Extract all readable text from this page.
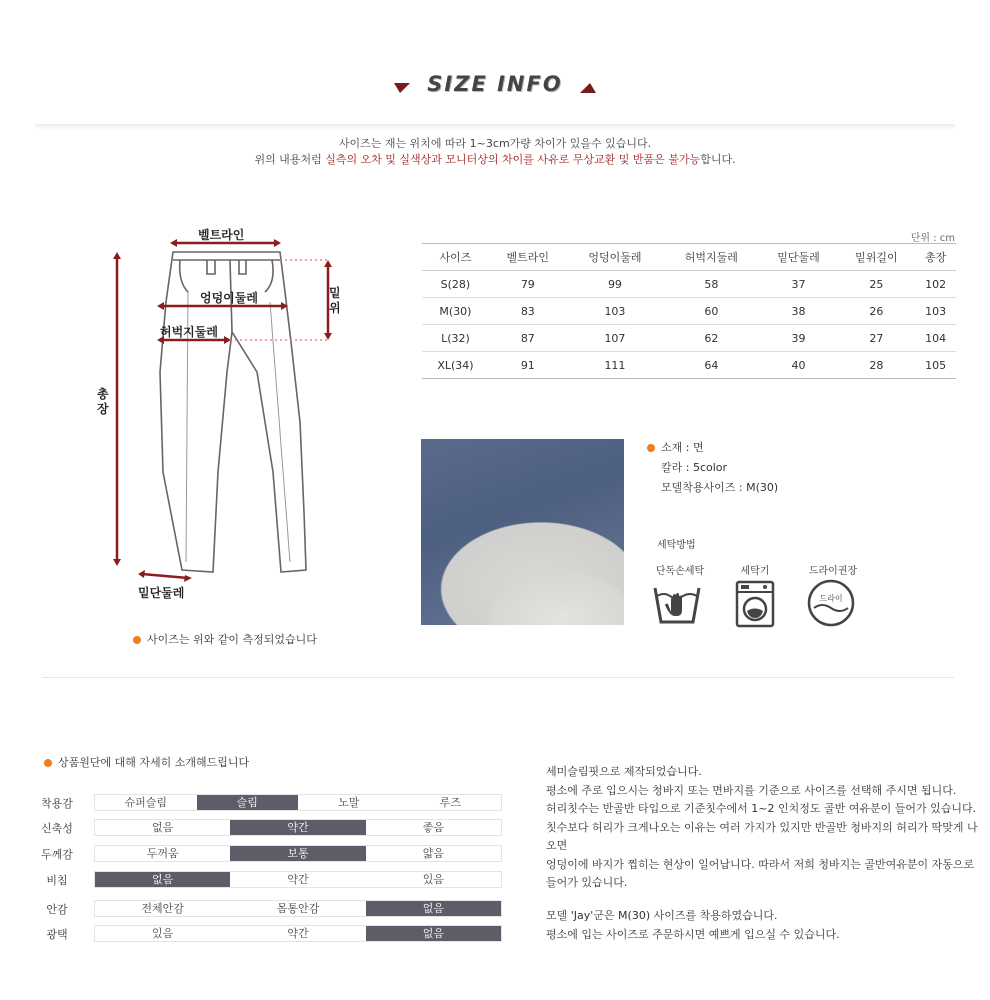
SIZE INFO
사이즈는 재는 위치에 따라 1~3cm가량 차이가 있을수 있습니다.
위의 내용처럼 실측의 오차 및 실색상과 모니터상의 차이를 사유로 무상교환 및 반품은 불가능합니다.
벨트라인
엉덩이둘레
허벅지둘레
밑위
총장
밑단둘레
사이즈는 위와 같이 측정되었습니다
단위 : cm
사이즈	벨트라인	엉덩이둘레	허벅지둘레	밑단둘레	밑위길이	총장
S(28)	79	99	58	37	25	102
M(30)	83	103	60	38	26	103
L(32)	87	107	62	39	27	104
XL(34)	91	111	64	40	28	105
소재 : 면
칼라 : 5color
모델착용사이즈 : M(30)
세탁방법
단독손세탁	세탁기	드라이권장
드라이
상품원단에 대해 자세히 소개해드립니다
착용감	슈퍼슬림	슬림	노말	루즈
신축성	없음	약간	좋음
두께감	두꺼움	보통	얇음
비침	없음	약간	있음
안감	전체안감	몸통안감	없음
광택	있음	약간	없음
세미슬림핏으로 제작되었습니다.
평소에 주로 입으시는 청바지 또는 면바지를 기준으로 사이즈를 선택해 주시면 됩니다.
허리칫수는 반골반 타입으로 기준칫수에서 1~2 인치정도 골반 여유분이 들어가 있습니다.
칫수보다 허리가 크게나오는 이유는 여러 가지가 있지만 반골반 청바지의 허리가 딱맞게 나오면
엉덩이에 바지가 찝히는 현상이 일어납니다. 따라서 저희 청바지는 골반여유분이 자동으로
들어가 있습니다.
모델 'Jay'군은 M(30) 사이즈를 착용하였습니다.
평소에 입는 사이즈로 주문하시면 예쁘게 입으실 수 있습니다.
